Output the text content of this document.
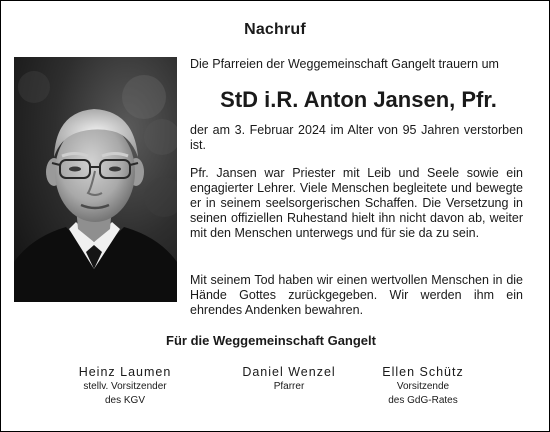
Nachruf
Die Pfarreien der Weggemeinschaft Gangelt trauern um
StD i.R. Anton Jansen, Pfr.
der am 3. Februar 2024 im Alter von 95 Jahren verstorben ist.
Pfr. Jansen war Priester mit Leib und Seele sowie ein engagierter Lehrer. Viele Menschen begleitete und bewegte er in seinem seelsorgerischen Schaffen. Die Versetzung in seinen offiziellen Ruhestand hielt ihn nicht davon ab, weiter mit den Menschen unterwegs und für sie da zu sein.
Mit seinem Tod haben wir einen wertvollen Menschen in die Hände Gottes zurückgegeben. Wir werden ihm ein ehrendes Andenken bewahren.
Für die Weggemeinschaft Gangelt
Heinz Laumen
stellv. Vorsitzender
des KGV
Daniel Wenzel
Pfarrer
Ellen Schütz
Vorsitzende
des GdG-Rates
